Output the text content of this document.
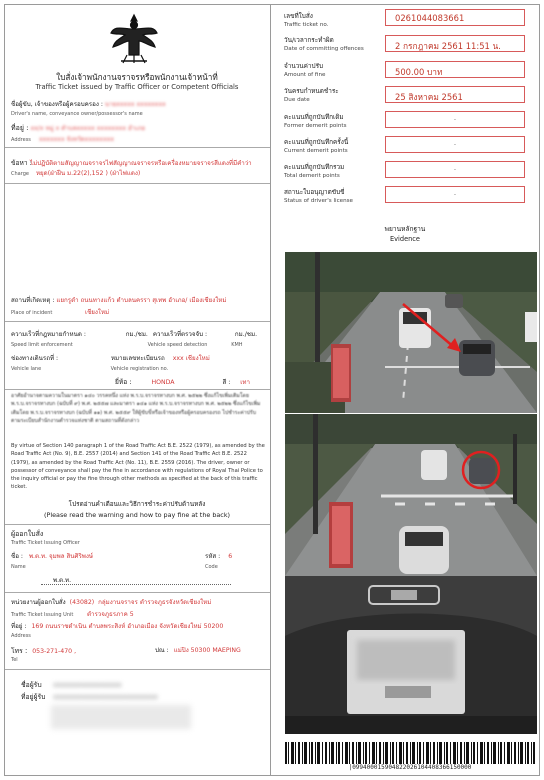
ใบสั่งเจ้าพนักงานจราจรหรือพนักงานเจ้าหน้าที่
Traffic Ticket issued by Traffic Officer or Competent Officials
ชื่อผู้ขับ, เจ้าของหรือผู้ครอบครอง : นายxxxxx xxxxxxxx
Driver's name, conveyance owner/possessor's name
ที่อยู่ : xx/x หมู่ x ตำบลxxxxx xxxxxxxx อำเภอ
Address xxxxxxx จังหวัดxxxxxxxx
ข้อหา : ไม่ปฏิบัติตามสัญญาณจราจรไฟสัญญาณจราจรหรือเครื่องหมายจราจรสีแดงที่มีคำว่า
Charge หยุด(ฝ่าฝืน ม.22(2),152 ) (ฝ่าไฟแดง)
สถานที่เกิดเหตุ : แยกรูดำ ถนนทางแก้ว ตำบลนครรา สุเทพ อำเภอ/ เมืองเชียงใหม่
Place of incident	เชียงใหม่
ความเร็วที่กฎหมายกำหนด :	กม./ชม. ความเร็วที่ตรวจจับ :	กม./ชม.
Speed limit enforcement	Vehicle speed detection	KMH
ช่องทางเดินรถที่ :	หมายเลขทะเบียนรถ xxx เชียงใหม่
Vehicle lane	Vehicle registration no.
ยี่ห้อ :	HONDA	สี : เทา
อาศัยอำนาจตามความในมาตรา ๑๔๐ วรรคหนึ่ง แห่ง พ.ร.บ.จราจรทางบก พ.ศ. ๒๕๒๒ ซึ่งแก้ไขเพิ่มเติมโดย พ.ร.บ.จราจรทางบก (ฉบับที่ ๙) พ.ศ. ๒๕๕๗ และมาตรา ๑๔๑ แห่ง พ.ร.บ.จราจรทางบก พ.ศ. ๒๕๒๒ ซึ่งแก้ไขเพิ่มเติมโดย พ.ร.บ.จราจรทางบก (ฉบับที่ ๑๑) พ.ศ. ๒๕๕๙ ให้ผู้ขับขี่หรือเจ้าของหรือผู้ครอบครองรถ ไปชำระค่าปรับตามระเบียบสำนักงานตำรวจแห่งชาติ ตามสถานที่ดังกล่าว
By virtue of Section 140 paragraph 1 of the Road Traffic Act B.E. 2522 (1979), as amended by the Road Traffic Act (No. 9), B.E. 2557 (2014) and Section 141 of the Road Traffic Act B.E. 2522 (1979), as amended by the Road Traffic Act (No. 11), B.E. 2559 (2016). The driver, owner or possessor of conveyance shall pay the fine in accordance with regulations of Royal Thai Police to the inquiry official or pay the fine through other methods as specified at the back of this traffic ticket.
โปรดอ่านคำเตือนและวิธีการชำระค่าปรับด้านหลัง
(Please read the warning and how to pay fine at the back)
ผู้ออกใบสั่ง
Traffic Ticket Issuing Officer
ชื่อ : พ.ต.ท. จุมพล สินศิริพงษ์	รหัส : 6
Name	Code
พ.ต.ท.
หน่วยงานผู้ออกใบสั่ง (43082) กลุ่มงานจราจร ตำรวจภูธรจังหวัดเชียงใหม่
Traffic Ticket Issuing Unit ตำรวจภูธรภาค 5
ที่อยู่ : 169 ถนนราชดำเนิน ตำบลพระสิงห์ อำเภอเมือง จังหวัดเชียงใหม่ 50200
Address
โทร : 053-271-470 ,	ปณ : แม่ปิง 50300 MAEPING
Tel
ชื่อผู้รับ xxxxxxxxxxxxxxxxx
ที่อยู่ผู้รับ xxxxxxxxxxxxxxxxxxxxxxxxxx
เลขที่ใบสั่ง
Traffic ticket no.
0261044083661
วัน/เวลากระทำผิด
Date of committing offences	2 กรกฎาคม 2561 11:51 น.
จำนวนค่าปรับ
Amount of fine	500.00 บาท
วันครบกำหนดชำระ
Due date	25 สิงหาคม 2561
คะแนนที่ถูกบันทึกเดิม
Former demerit points
-
คะแนนที่ถูกบันทึกครั้งนี้
Current demerit points
-
คะแนนที่ถูกบันทึกรวม
Total demerit points
-
สถานะใบอนุญาตขับขี่
Status of driver's license
-
พยานหลักฐาน
Evidence
|099400015904822026104408366150000
